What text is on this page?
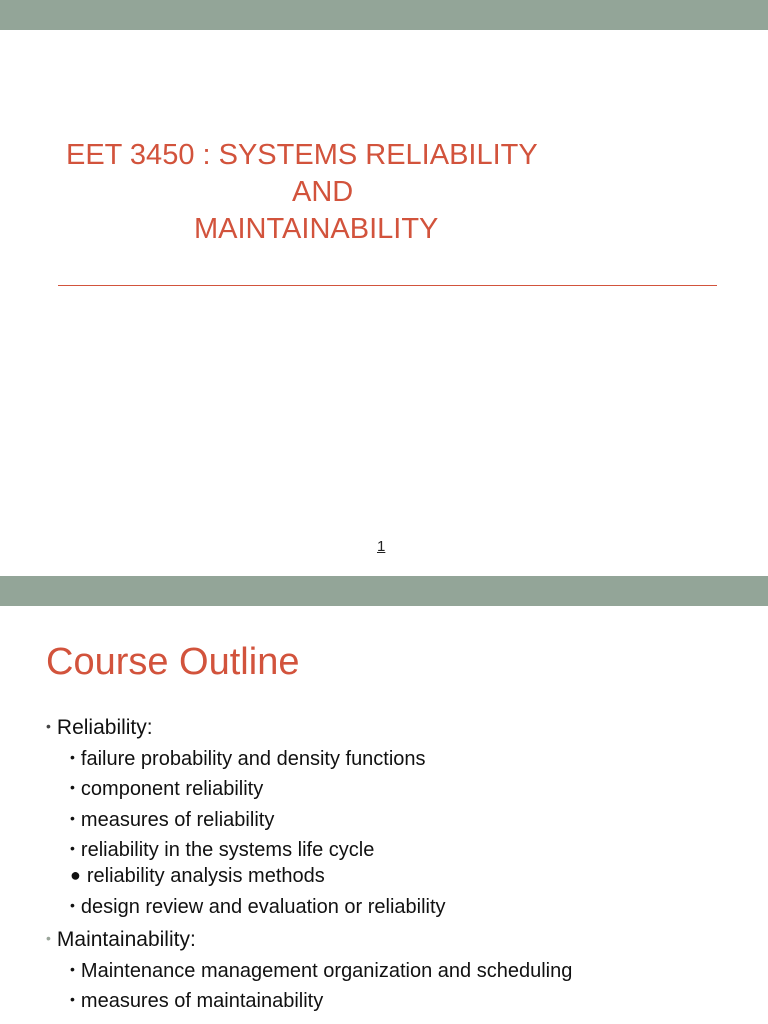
EET 3450 : SYSTEMS RELIABILITY
AND
MAINTAINABILITY
1
Course Outline
• Reliability:
• failure probability and density functions
• component reliability
• measures of reliability
• reliability in the systems life cycle
● reliability analysis methods
• design review and evaluation or reliability
• Maintainability:
• Maintenance management organization and scheduling
• measures of maintainability
